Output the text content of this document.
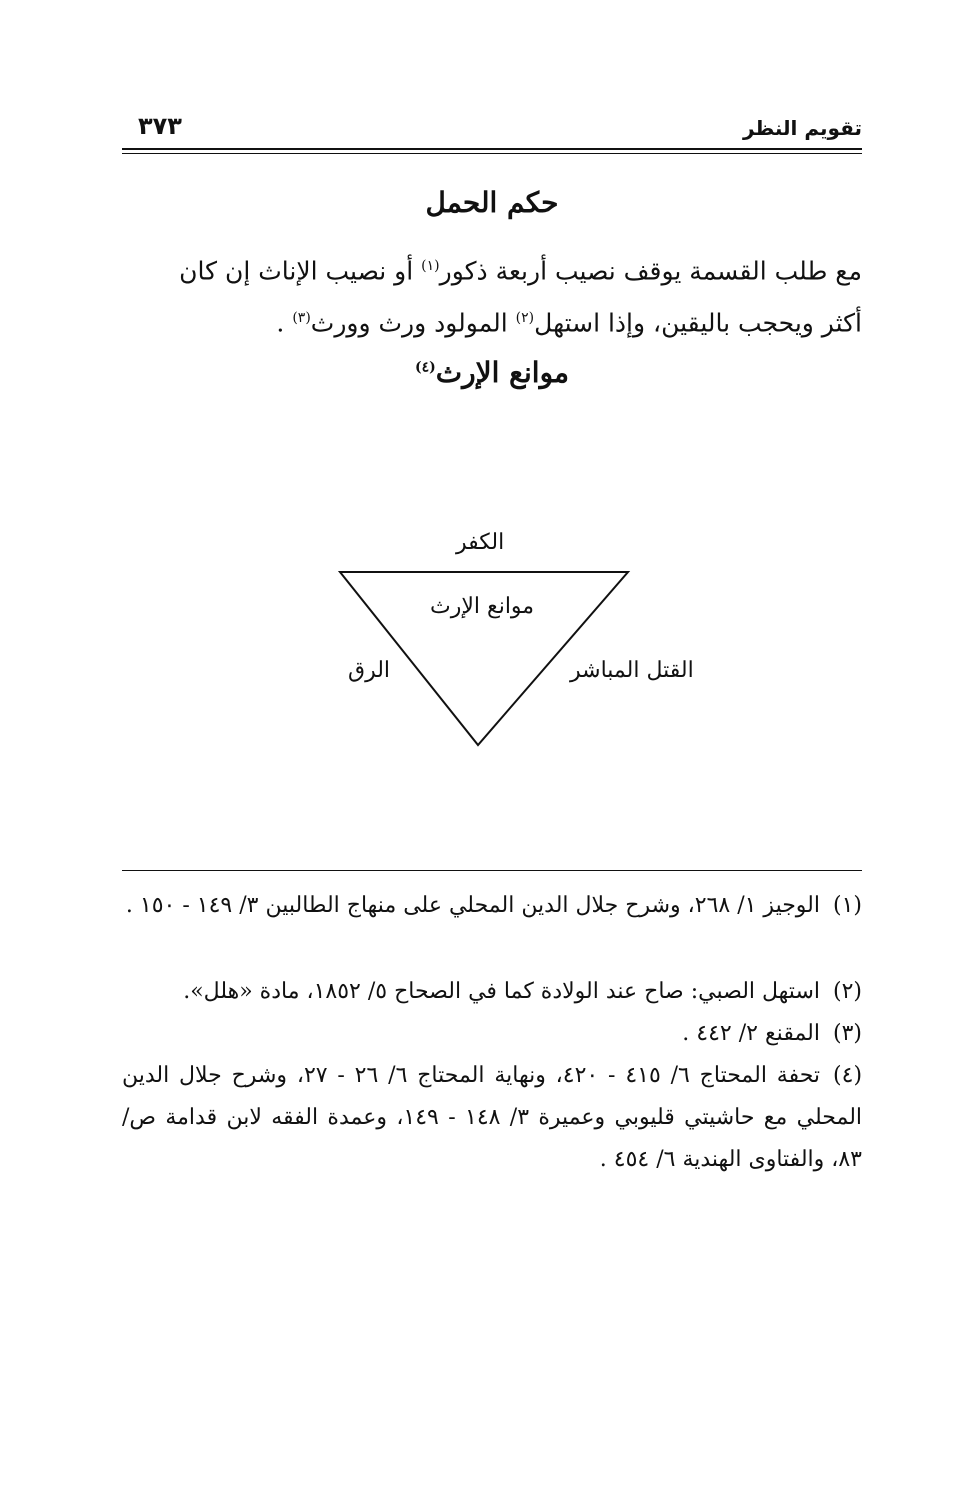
تقويم النظر
٣٧٣
حكم الحمل
مع طلب القسمة يوقف نصيب أربعة ذكور$^{(١)}$ أو نصيب الإناث إن كان
أكثر ويحجب باليقين، وإذا استهل$^{(٢)}$ المولود ورث وورث$^{(٣)}$ .
موانع الإرث$^{(٤)}$
الكفر
موانع الإرث
الرق	القتل المباشر
(١)الوجيز ١/ ٢٦٨، وشرح جلال الدين المحلي على منهاج الطالبين ٣/ ١٤٩ - ١٥٠ .
(٢)استهل الصبي: صاح عند الولادة كما في الصحاح ٥/ ١٨٥٢، مادة «هلل».
(٣)المقنع ٢/ ٤٤٢ .
(٤)تحفة المحتاج ٦/ ٤١٥ - ٤٢٠، ونهاية المحتاج ٦/ ٢٦ - ٢٧، وشرح جلال الدين المحلي مع حاشيتي قليوبي وعميرة ٣/ ١٤٨ - ١٤٩، وعمدة الفقه لابن قدامة ص/ ٨٣، والفتاوى الهندية ٦/ ٤٥٤ .
